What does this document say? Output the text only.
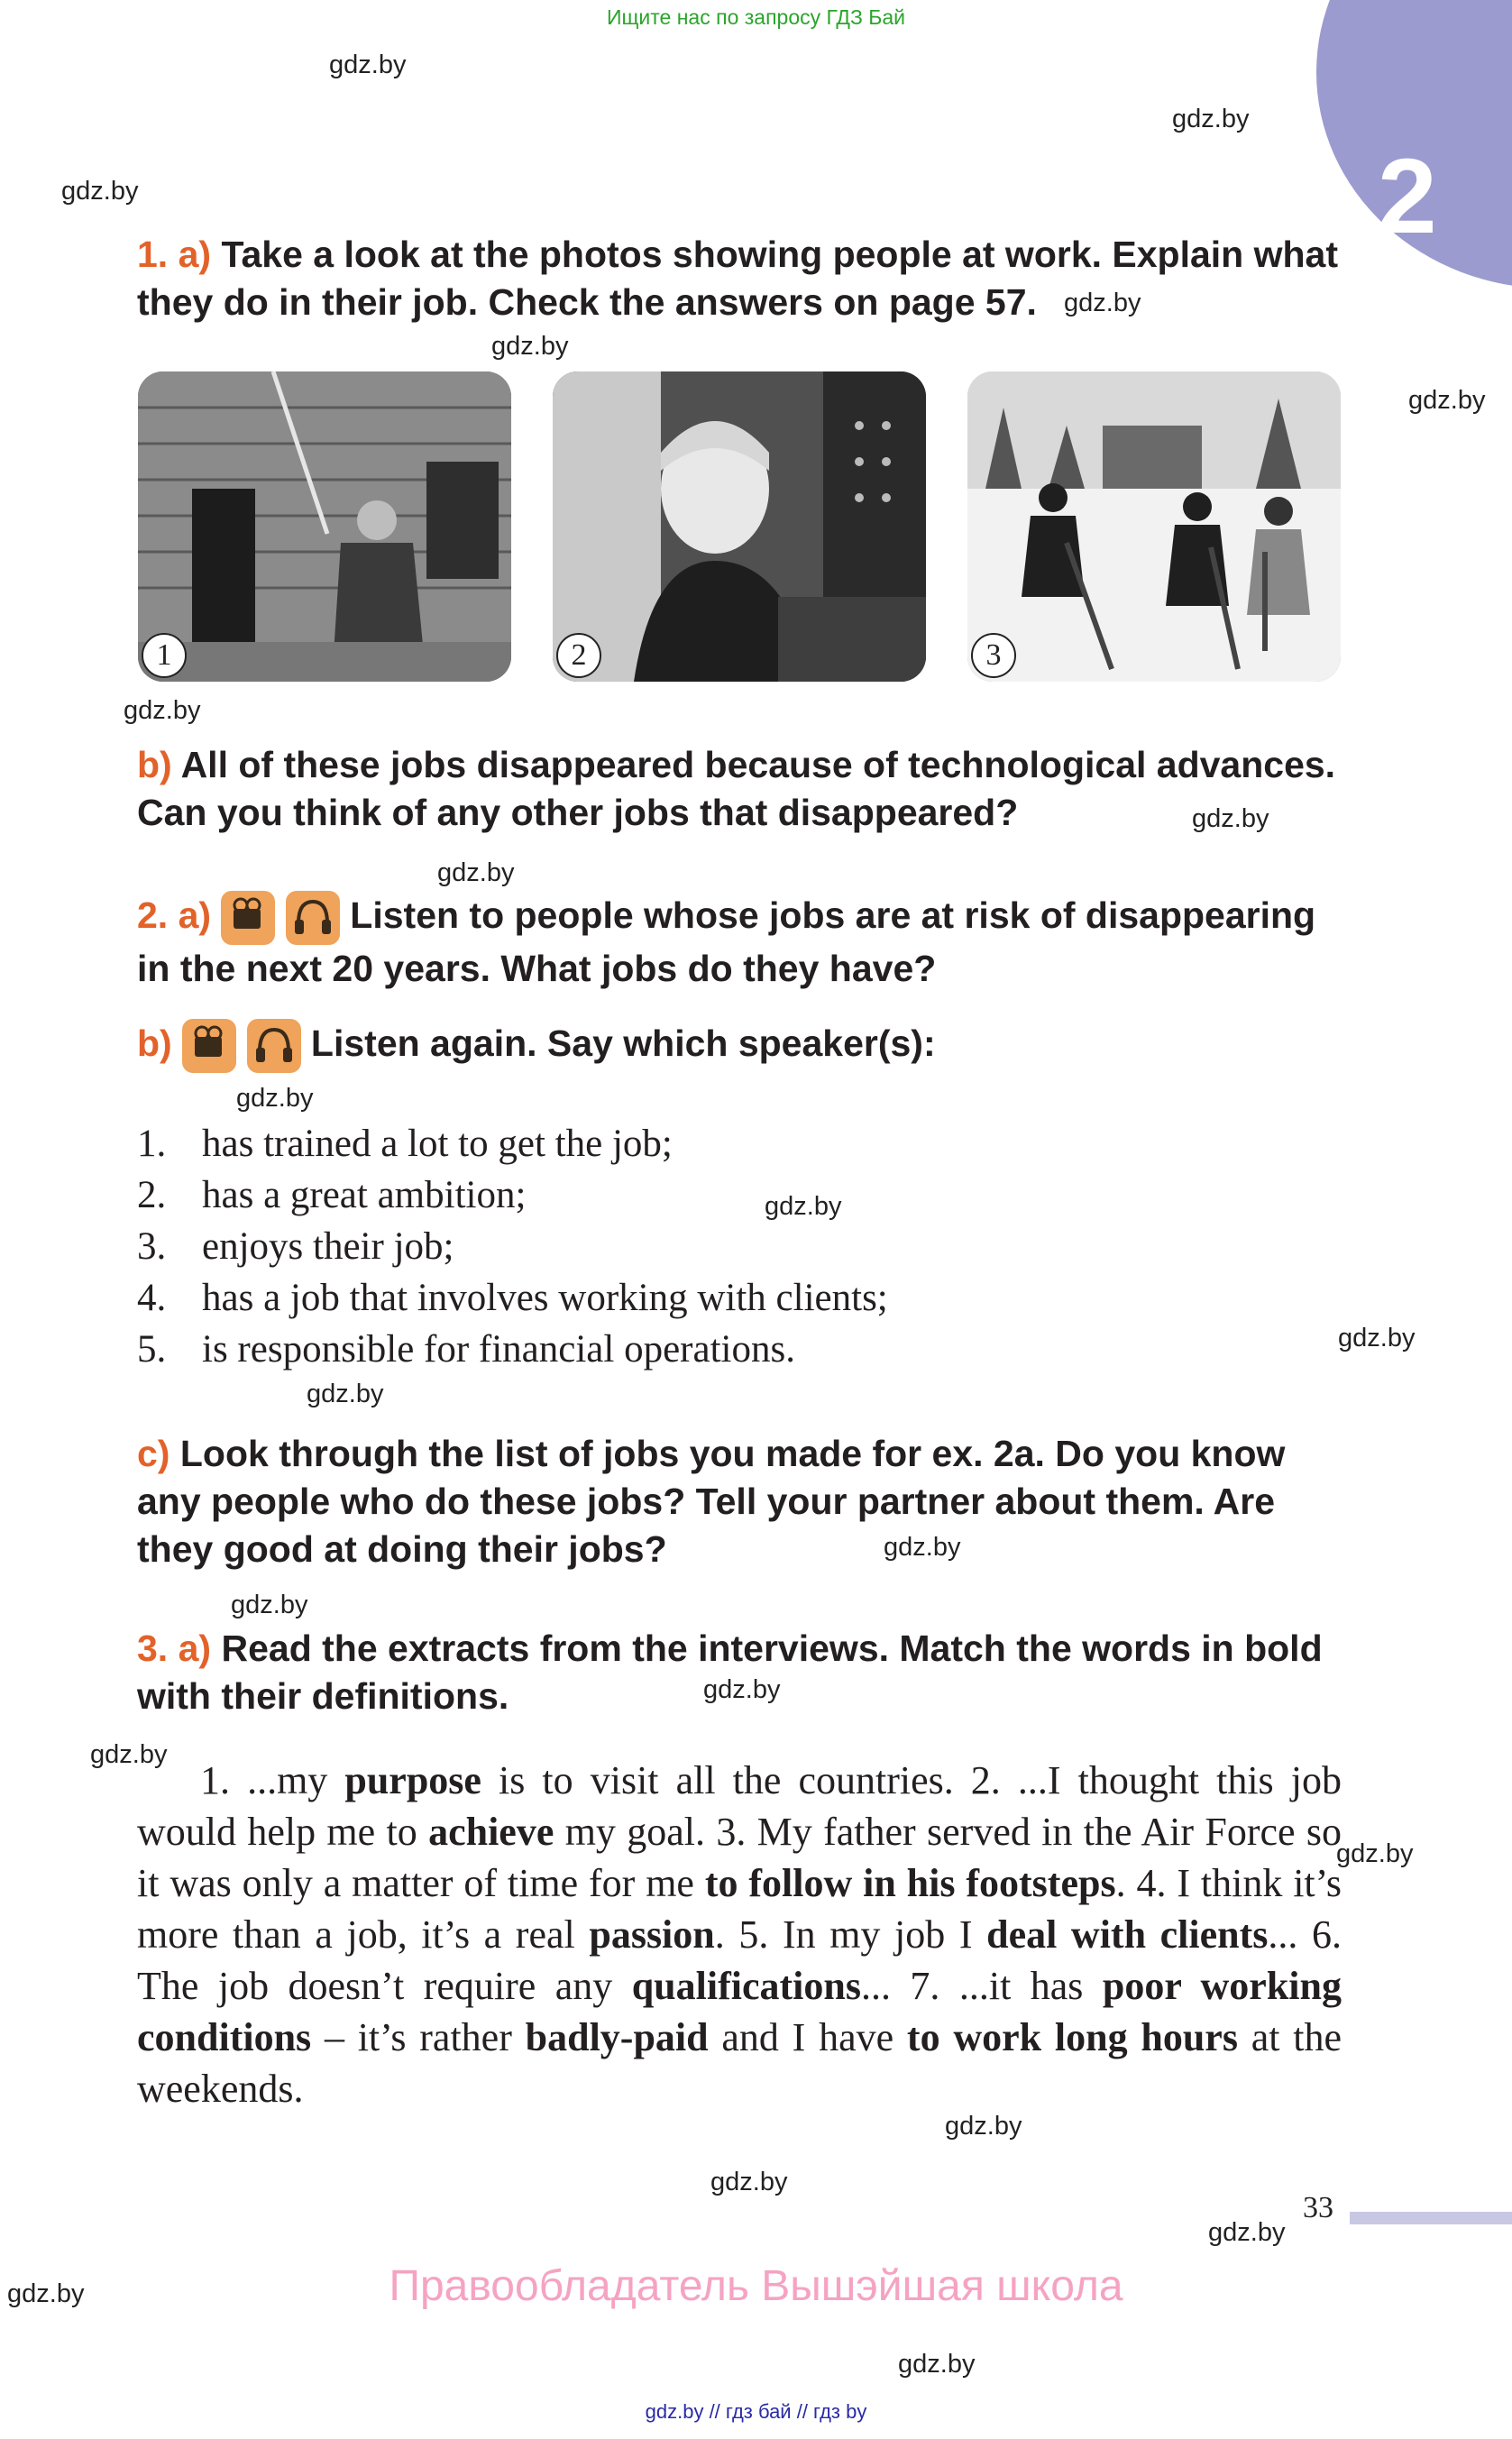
Ищите нас по запросу ГДЗ Бай
2
gdz.by
gdz.by
gdz.by
gdz.by
gdz.by
gdz.by
gdz.by
gdz.by
gdz.by
gdz.by
gdz.by
gdz.by
gdz.by
gdz.by
gdz.by
gdz.by
gdz.by
gdz.by
gdz.by
gdz.by
gdz.by
gdz.by
gdz.by
1. a) Take a look at the photos showing people at work. Explain what they do in their job. Check the answers on page 57.
1	2	3
b) All of these jobs disappeared because of technological advances. Can you think of any other jobs that disappeared?
2. a)	Listen to people whose jobs are at risk of disappearing in the next 20 years. What jobs do they have?
b)	Listen again. Say which speaker(s):
1. has trained a lot to get the job;
2. has a great ambition;
3. enjoys their job;
4. has a job that involves working with clients;
5. is responsible for financial operations.
c) Look through the list of jobs you made for ex. 2a. Do you know any people who do these jobs? Tell your partner about them. Are they good at doing their jobs?
3. a) Read the extracts from the interviews. Match the words in bold with their definitions.
1. ...my purpose is to visit all the countries. 2. ...I thought this job would help me to achieve my goal. 3. My father served in the Air Force so it was only a matter of time for me to follow in his footsteps. 4. I think it’s more than a job, it’s a real passion. 5. In my job I deal with clients... 6. The job doesn’t require any qualifications... 7. ...it has poor working conditions – it’s rather badly-paid and I have to work long hours at the weekends.
33
Правообладатель Вышэйшая школа
gdz.by // гдз бай // гдз by
